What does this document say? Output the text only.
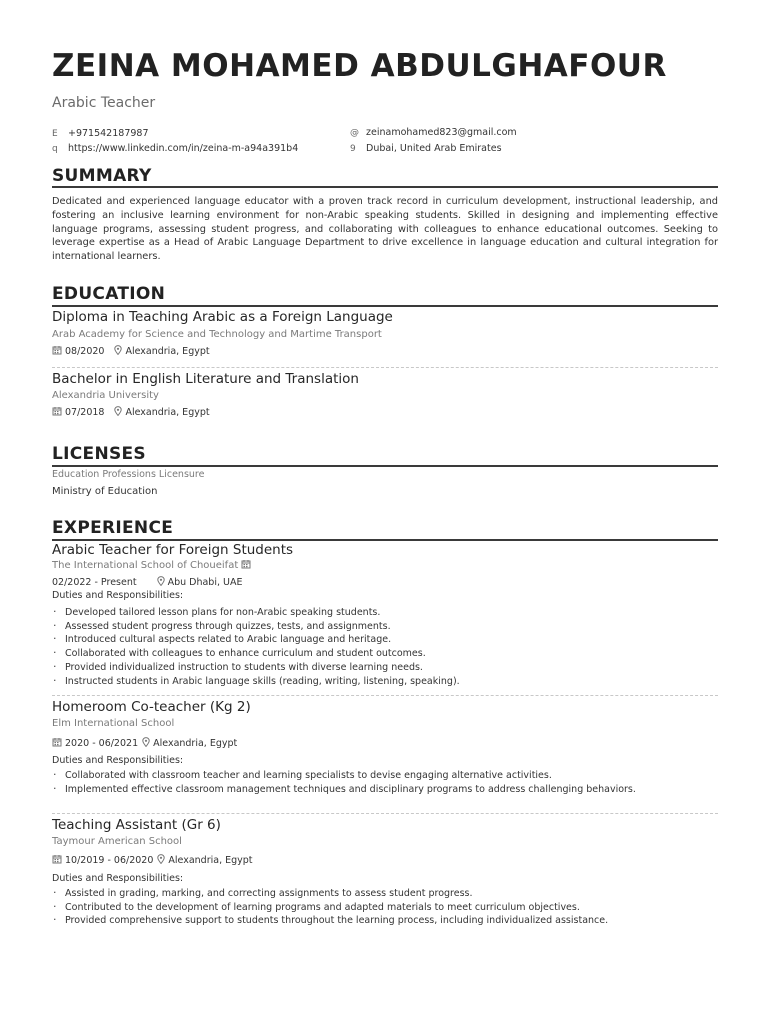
ZEINA MOHAMED ABDULGHAFOUR
Arabic Teacher
E +971542187987	@ zeinamohamed823@gmail.com
q https://www.linkedin.com/in/zeina-m-a94a391b4	9 Dubai, United Arab Emirates
SUMMARY
Dedicated and experienced language educator with a proven track record in curriculum development, instructional leadership, and fostering an inclusive learning environment for non-Arabic speaking students. Skilled in designing and implementing effective language programs, assessing student progress, and collaborating with colleagues to enhance educational outcomes. Seeking to leverage expertise as a Head of Arabic Language Department to drive excellence in language education and cultural integration for international learners.
EDUCATION
Diploma in Teaching Arabic as a Foreign Language
Arab Academy for Science and Technology and Martime Transport
08/2020 Alexandria, Egypt
Bachelor in English Literature and Translation
Alexandria University
07/2018 Alexandria, Egypt
LICENSES
Education Professions Licensure
Ministry of Education
EXPERIENCE
Arabic Teacher for Foreign Students
The International School of Choueifat
02/2022 - Present	Abu Dhabi, UAE
Duties and Responsibilities:
· Developed tailored lesson plans for non-Arabic speaking students.
· Assessed student progress through quizzes, tests, and assignments.
· Introduced cultural aspects related to Arabic language and heritage.
· Collaborated with colleagues to enhance curriculum and student outcomes.
· Provided individualized instruction to students with diverse learning needs.
· Instructed students in Arabic language skills (reading, writing, listening, speaking).
Homeroom Co-teacher (Kg 2)
Elm International School
2020 - 06/2021 Alexandria, Egypt
Duties and Responsibilities:
· Collaborated with classroom teacher and learning specialists to devise engaging alternative activities.
· Implemented effective classroom management techniques and disciplinary programs to address challenging behaviors.
Teaching Assistant (Gr 6)
Taymour American School
10/2019 - 06/2020 Alexandria, Egypt
Duties and Responsibilities:
· Assisted in grading, marking, and correcting assignments to assess student progress.
· Contributed to the development of learning programs and adapted materials to meet curriculum objectives.
· Provided comprehensive support to students throughout the learning process, including individualized assistance.
